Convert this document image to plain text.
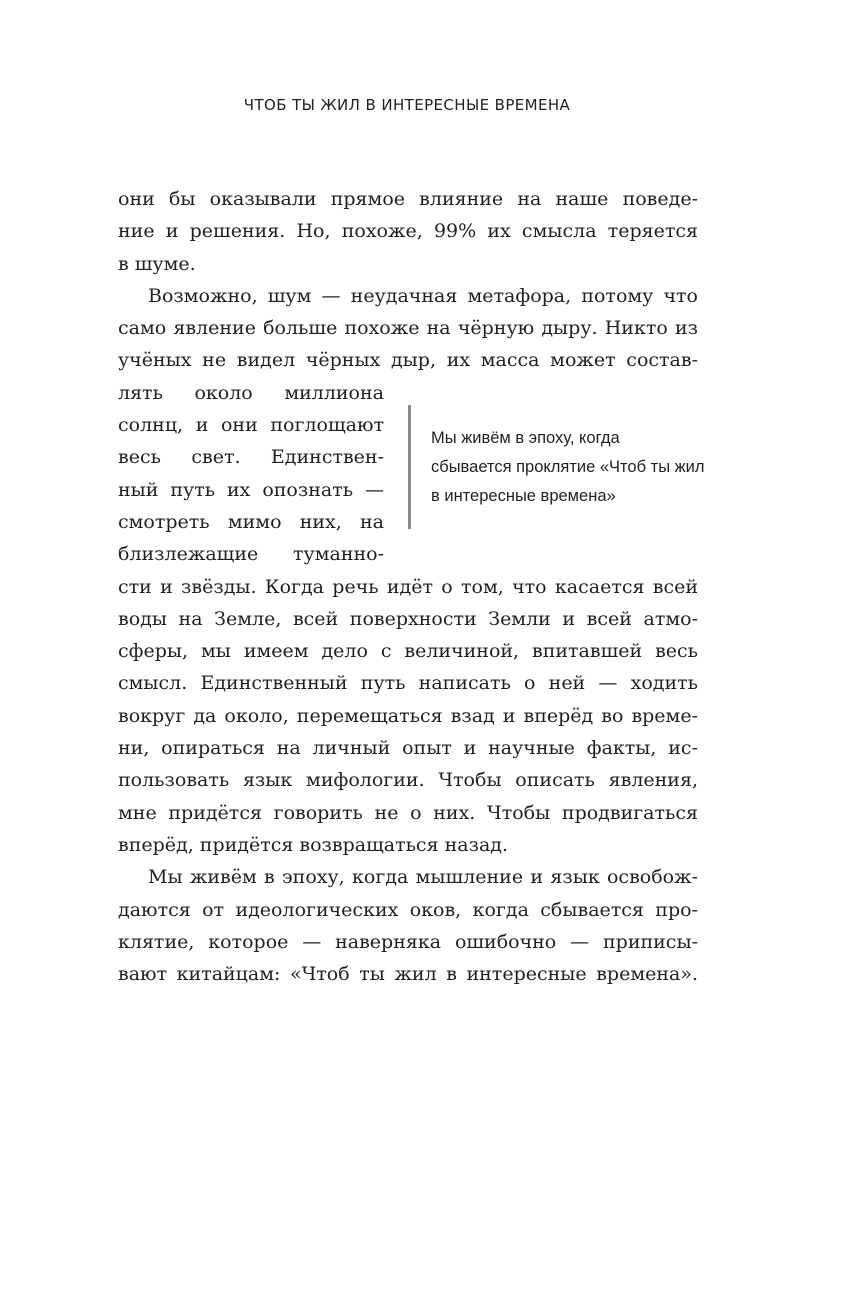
ЧТОБ ТЫ ЖИЛ В ИНТЕРЕСНЫЕ ВРЕМЕНА
они бы оказывали прямое влияние на наше поведе-
ние и решения. Но, похоже, 99% их смысла теряется
в шуме.
Возможно, шум — неудачная метафора, потому что
само явление больше похоже на чёрную дыру. Никто из
учёных не видел чёрных дыр, их масса может состав-
лять около миллиона
солнц, и они поглощают
весь свет. Единствен-
ный путь их опознать —
смотреть мимо них, на
близлежащие туманно-
сти и звёзды. Когда речь идёт о том, что касается всей
воды на Земле, всей поверхности Земли и всей атмо-
сферы, мы имеем дело с величиной, впитавшей весь
смысл. Единственный путь написать о ней — ходить
вокруг да около, перемещаться взад и вперёд во време-
ни, опираться на личный опыт и научные факты, ис-
пользовать язык мифологии. Чтобы описать явления,
мне придётся говорить не о них. Чтобы продвигаться
вперёд, придётся возвращаться назад.
Мы живём в эпоху, когда мышление и язык освобож-
даются от идеологических оков, когда сбывается про-
клятие, которое — наверняка ошибочно — приписы-
вают китайцам: «Чтоб ты жил в интересные времена».
Мы живём в эпоху, когда
сбывается проклятие «Чтоб ты жил
в интересные времена»
